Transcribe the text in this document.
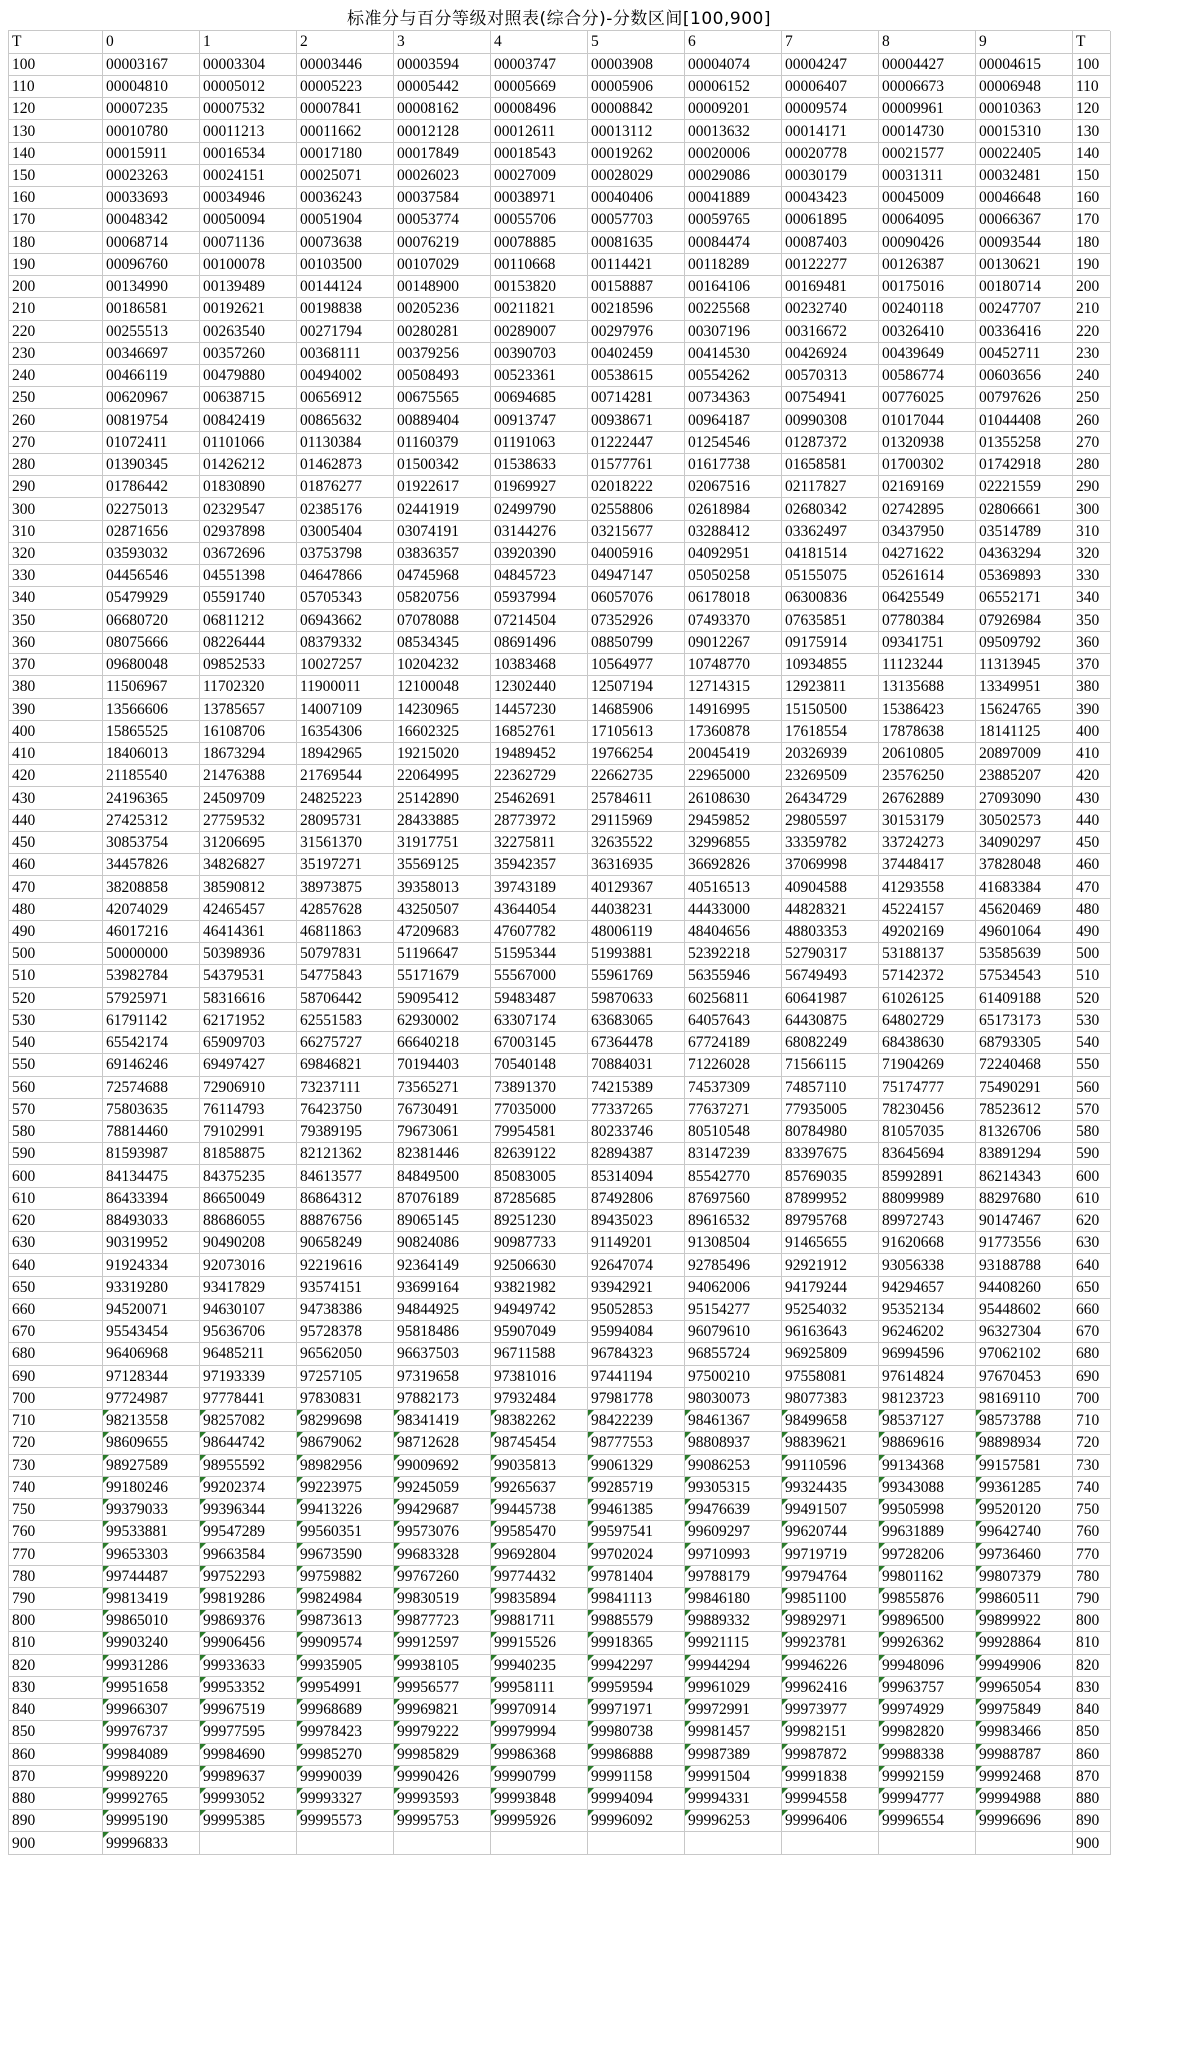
标准分与百分等级对照表(综合分)-分数区间[100,900]
T	0	1	2	3	4	5	6	7	8	9	T
100	00003167	00003304	00003446	00003594	00003747	00003908	00004074	00004247	00004427	00004615	100
110	00004810	00005012	00005223	00005442	00005669	00005906	00006152	00006407	00006673	00006948	110
120	00007235	00007532	00007841	00008162	00008496	00008842	00009201	00009574	00009961	00010363	120
130	00010780	00011213	00011662	00012128	00012611	00013112	00013632	00014171	00014730	00015310	130
140	00015911	00016534	00017180	00017849	00018543	00019262	00020006	00020778	00021577	00022405	140
150	00023263	00024151	00025071	00026023	00027009	00028029	00029086	00030179	00031311	00032481	150
160	00033693	00034946	00036243	00037584	00038971	00040406	00041889	00043423	00045009	00046648	160
170	00048342	00050094	00051904	00053774	00055706	00057703	00059765	00061895	00064095	00066367	170
180	00068714	00071136	00073638	00076219	00078885	00081635	00084474	00087403	00090426	00093544	180
190	00096760	00100078	00103500	00107029	00110668	00114421	00118289	00122277	00126387	00130621	190
200	00134990	00139489	00144124	00148900	00153820	00158887	00164106	00169481	00175016	00180714	200
210	00186581	00192621	00198838	00205236	00211821	00218596	00225568	00232740	00240118	00247707	210
220	00255513	00263540	00271794	00280281	00289007	00297976	00307196	00316672	00326410	00336416	220
230	00346697	00357260	00368111	00379256	00390703	00402459	00414530	00426924	00439649	00452711	230
240	00466119	00479880	00494002	00508493	00523361	00538615	00554262	00570313	00586774	00603656	240
250	00620967	00638715	00656912	00675565	00694685	00714281	00734363	00754941	00776025	00797626	250
260	00819754	00842419	00865632	00889404	00913747	00938671	00964187	00990308	01017044	01044408	260
270	01072411	01101066	01130384	01160379	01191063	01222447	01254546	01287372	01320938	01355258	270
280	01390345	01426212	01462873	01500342	01538633	01577761	01617738	01658581	01700302	01742918	280
290	01786442	01830890	01876277	01922617	01969927	02018222	02067516	02117827	02169169	02221559	290
300	02275013	02329547	02385176	02441919	02499790	02558806	02618984	02680342	02742895	02806661	300
310	02871656	02937898	03005404	03074191	03144276	03215677	03288412	03362497	03437950	03514789	310
320	03593032	03672696	03753798	03836357	03920390	04005916	04092951	04181514	04271622	04363294	320
330	04456546	04551398	04647866	04745968	04845723	04947147	05050258	05155075	05261614	05369893	330
340	05479929	05591740	05705343	05820756	05937994	06057076	06178018	06300836	06425549	06552171	340
350	06680720	06811212	06943662	07078088	07214504	07352926	07493370	07635851	07780384	07926984	350
360	08075666	08226444	08379332	08534345	08691496	08850799	09012267	09175914	09341751	09509792	360
370	09680048	09852533	10027257	10204232	10383468	10564977	10748770	10934855	11123244	11313945	370
380	11506967	11702320	11900011	12100048	12302440	12507194	12714315	12923811	13135688	13349951	380
390	13566606	13785657	14007109	14230965	14457230	14685906	14916995	15150500	15386423	15624765	390
400	15865525	16108706	16354306	16602325	16852761	17105613	17360878	17618554	17878638	18141125	400
410	18406013	18673294	18942965	19215020	19489452	19766254	20045419	20326939	20610805	20897009	410
420	21185540	21476388	21769544	22064995	22362729	22662735	22965000	23269509	23576250	23885207	420
430	24196365	24509709	24825223	25142890	25462691	25784611	26108630	26434729	26762889	27093090	430
440	27425312	27759532	28095731	28433885	28773972	29115969	29459852	29805597	30153179	30502573	440
450	30853754	31206695	31561370	31917751	32275811	32635522	32996855	33359782	33724273	34090297	450
460	34457826	34826827	35197271	35569125	35942357	36316935	36692826	37069998	37448417	37828048	460
470	38208858	38590812	38973875	39358013	39743189	40129367	40516513	40904588	41293558	41683384	470
480	42074029	42465457	42857628	43250507	43644054	44038231	44433000	44828321	45224157	45620469	480
490	46017216	46414361	46811863	47209683	47607782	48006119	48404656	48803353	49202169	49601064	490
500	50000000	50398936	50797831	51196647	51595344	51993881	52392218	52790317	53188137	53585639	500
510	53982784	54379531	54775843	55171679	55567000	55961769	56355946	56749493	57142372	57534543	510
520	57925971	58316616	58706442	59095412	59483487	59870633	60256811	60641987	61026125	61409188	520
530	61791142	62171952	62551583	62930002	63307174	63683065	64057643	64430875	64802729	65173173	530
540	65542174	65909703	66275727	66640218	67003145	67364478	67724189	68082249	68438630	68793305	540
550	69146246	69497427	69846821	70194403	70540148	70884031	71226028	71566115	71904269	72240468	550
560	72574688	72906910	73237111	73565271	73891370	74215389	74537309	74857110	75174777	75490291	560
570	75803635	76114793	76423750	76730491	77035000	77337265	77637271	77935005	78230456	78523612	570
580	78814460	79102991	79389195	79673061	79954581	80233746	80510548	80784980	81057035	81326706	580
590	81593987	81858875	82121362	82381446	82639122	82894387	83147239	83397675	83645694	83891294	590
600	84134475	84375235	84613577	84849500	85083005	85314094	85542770	85769035	85992891	86214343	600
610	86433394	86650049	86864312	87076189	87285685	87492806	87697560	87899952	88099989	88297680	610
620	88493033	88686055	88876756	89065145	89251230	89435023	89616532	89795768	89972743	90147467	620
630	90319952	90490208	90658249	90824086	90987733	91149201	91308504	91465655	91620668	91773556	630
640	91924334	92073016	92219616	92364149	92506630	92647074	92785496	92921912	93056338	93188788	640
650	93319280	93417829	93574151	93699164	93821982	93942921	94062006	94179244	94294657	94408260	650
660	94520071	94630107	94738386	94844925	94949742	95052853	95154277	95254032	95352134	95448602	660
670	95543454	95636706	95728378	95818486	95907049	95994084	96079610	96163643	96246202	96327304	670
680	96406968	96485211	96562050	96637503	96711588	96784323	96855724	96925809	96994596	97062102	680
690	97128344	97193339	97257105	97319658	97381016	97441194	97500210	97558081	97614824	97670453	690
700	97724987	97778441	97830831	97882173	97932484	97981778	98030073	98077383	98123723	98169110	700
710	98213558	98257082	98299698	98341419	98382262	98422239	98461367	98499658	98537127	98573788	710
720	98609655	98644742	98679062	98712628	98745454	98777553	98808937	98839621	98869616	98898934	720
730	98927589	98955592	98982956	99009692	99035813	99061329	99086253	99110596	99134368	99157581	730
740	99180246	99202374	99223975	99245059	99265637	99285719	99305315	99324435	99343088	99361285	740
750	99379033	99396344	99413226	99429687	99445738	99461385	99476639	99491507	99505998	99520120	750
760	99533881	99547289	99560351	99573076	99585470	99597541	99609297	99620744	99631889	99642740	760
770	99653303	99663584	99673590	99683328	99692804	99702024	99710993	99719719	99728206	99736460	770
780	99744487	99752293	99759882	99767260	99774432	99781404	99788179	99794764	99801162	99807379	780
790	99813419	99819286	99824984	99830519	99835894	99841113	99846180	99851100	99855876	99860511	790
800	99865010	99869376	99873613	99877723	99881711	99885579	99889332	99892971	99896500	99899922	800
810	99903240	99906456	99909574	99912597	99915526	99918365	99921115	99923781	99926362	99928864	810
820	99931286	99933633	99935905	99938105	99940235	99942297	99944294	99946226	99948096	99949906	820
830	99951658	99953352	99954991	99956577	99958111	99959594	99961029	99962416	99963757	99965054	830
840	99966307	99967519	99968689	99969821	99970914	99971971	99972991	99973977	99974929	99975849	840
850	99976737	99977595	99978423	99979222	99979994	99980738	99981457	99982151	99982820	99983466	850
860	99984089	99984690	99985270	99985829	99986368	99986888	99987389	99987872	99988338	99988787	860
870	99989220	99989637	99990039	99990426	99990799	99991158	99991504	99991838	99992159	99992468	870
880	99992765	99993052	99993327	99993593	99993848	99994094	99994331	99994558	99994777	99994988	880
890	99995190	99995385	99995573	99995753	99995926	99996092	99996253	99996406	99996554	99996696	890
900	99996833										900
